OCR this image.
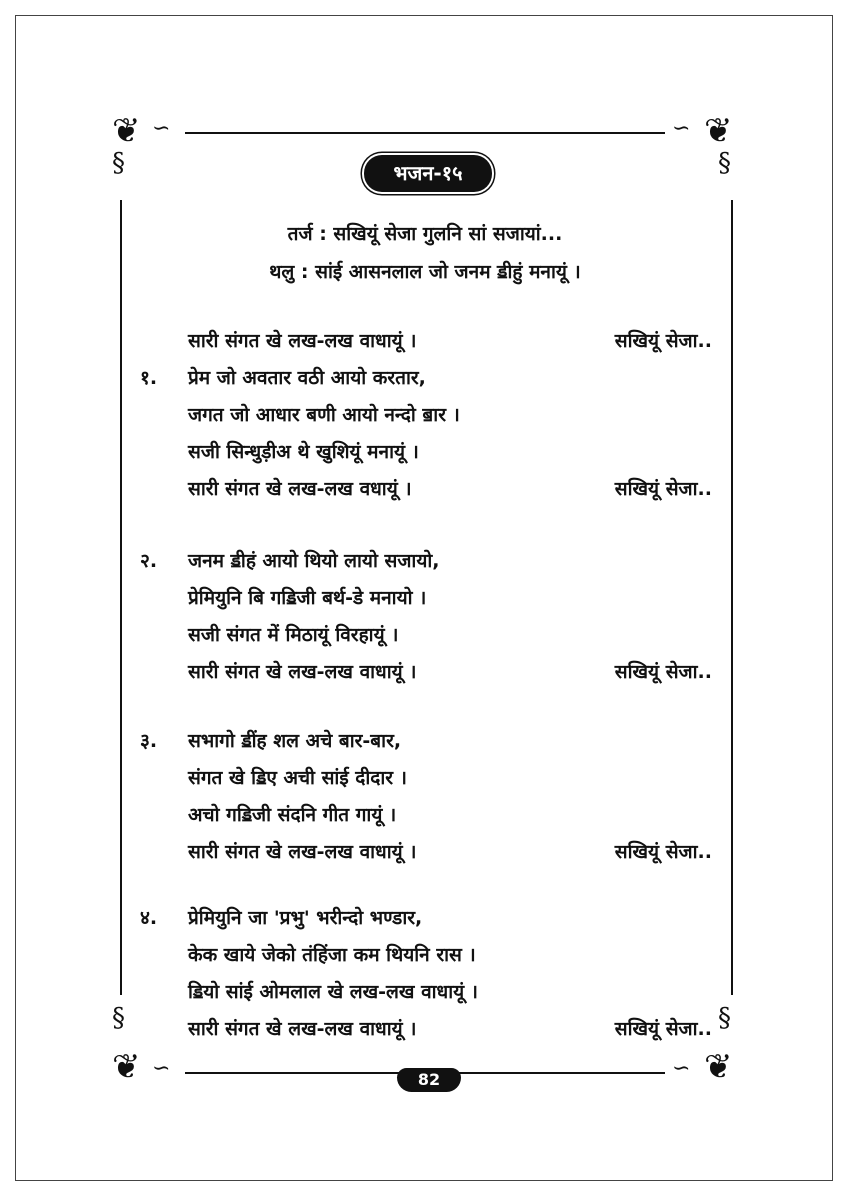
❦ ∽
§
❦
∽
§
❦ ∽
§
❦
∽
§
भजन-१५
तर्ज : सखियूं सेजा गुलनि सां सजायां...
थलु : सांई आसनलाल जो जनम ॾीहुं मनायूं ।
सारी संगत खे लख-लख वाधायूं ।	सखियूं सेजा..
१. प्रेम जो अवतार वठी आयो करतार,
जगत जो आधार बणी आयो नन्दो ॿार ।
सजी सिन्धुड़ीअ थे खुशियूं मनायूं ।
सारी संगत खे लख-लख वधायूं ।	सखियूं सेजा..
२. जनम ॾीहं आयो थियो लायो सजायो,
प्रेमियुनि बि गॾिजी बर्थ-डे मनायो ।
सजी संगत में मिठायूं विरहायूं ।
सारी संगत खे लख-लख वाधायूं ।	सखियूं सेजा..
३. सभागो ॾींह शल अचे बार-बार,
संगत खे ॾिए अची सांई दीदार ।
अचो गॾिजी संदनि गीत गायूं ।
सारी संगत खे लख-लख वाधायूं ।	सखियूं सेजा..
४. प्रेमियुनि जा 'प्रभु' भरीन्दो भण्डार,
केक खाये जेको तंहिंजा कम थियनि रास ।
ॾियो सांई ओमलाल खे लख-लख वाधायूं ।
सारी संगत खे लख-लख वाधायूं ।	सखियूं सेजा..
82
